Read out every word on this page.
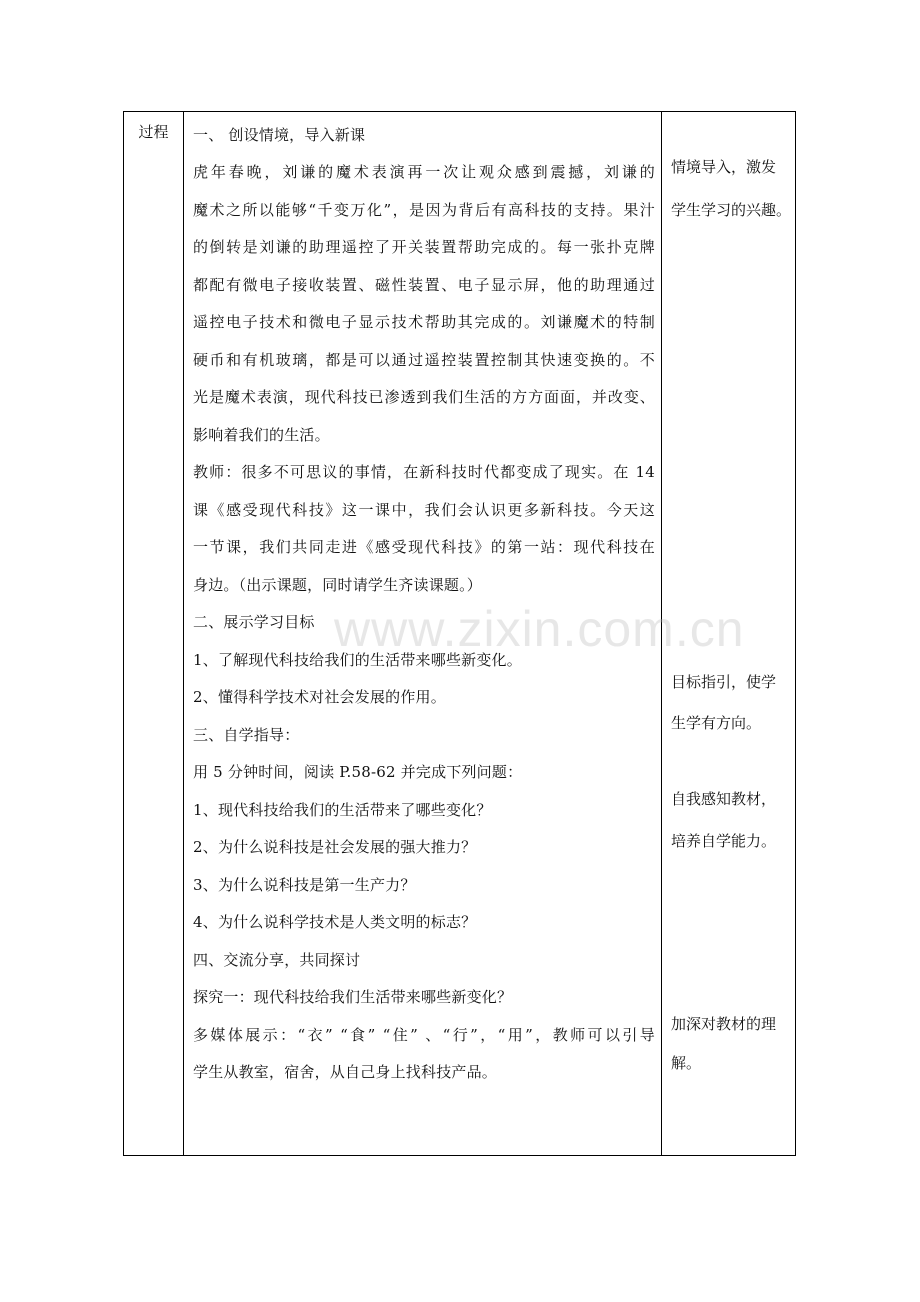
过程	一、 创设情境，导入新课
虎年春晚，刘谦的魔术表演再一次让观众感到震撼，刘谦的
魔术之所以能够“千变万化”，是因为背后有高科技的支持。果汁
的倒转是刘谦的助理遥控了开关装置帮助完成的。每一张扑克牌
都配有微电子接收装置、磁性装置、电子显示屏，他的助理通过
遥控电子技术和微电子显示技术帮助其完成的。刘谦魔术的特制
硬币和有机玻璃，都是可以通过遥控装置控制其快速变换的。不
光是魔术表演，现代科技已渗透到我们生活的方方面面，并改变、
影响着我们的生活。
教师：很多不可思议的事情，在新科技时代都变成了现实。在 14
课《感受现代科技》这一课中，我们会认识更多新科技。今天这
一节课，我们共同走进《感受现代科技》的第一站：现代科技在
身边。（出示课题，同时请学生齐读课题。）
二、展示学习目标
1、了解现代科技给我们的生活带来哪些新变化。
2、懂得科学技术对社会发展的作用。
三、自学指导：
用 5 分钟时间，阅读 P.58-62 并完成下列问题：
1、现代科技给我们的生活带来了哪些变化？
2、为什么说科技是社会发展的强大推力？
3、为什么说科技是第一生产力？
4、为什么说科学技术是人类文明的标志？
四、交流分享，共同探讨
探究一：现代科技给我们生活带来哪些新变化？
多媒体展示：“衣” “食” “住” 、“行”，“用”，教师可以引导
学生从教室，宿舍，从自己身上找科技产品。
情境导入，激发
学生学习的兴趣。
目标指引，使学
生学有方向。
自我感知教材，
培养自学能力。
加深对教材的理
解。
www.zixin.com.cn
